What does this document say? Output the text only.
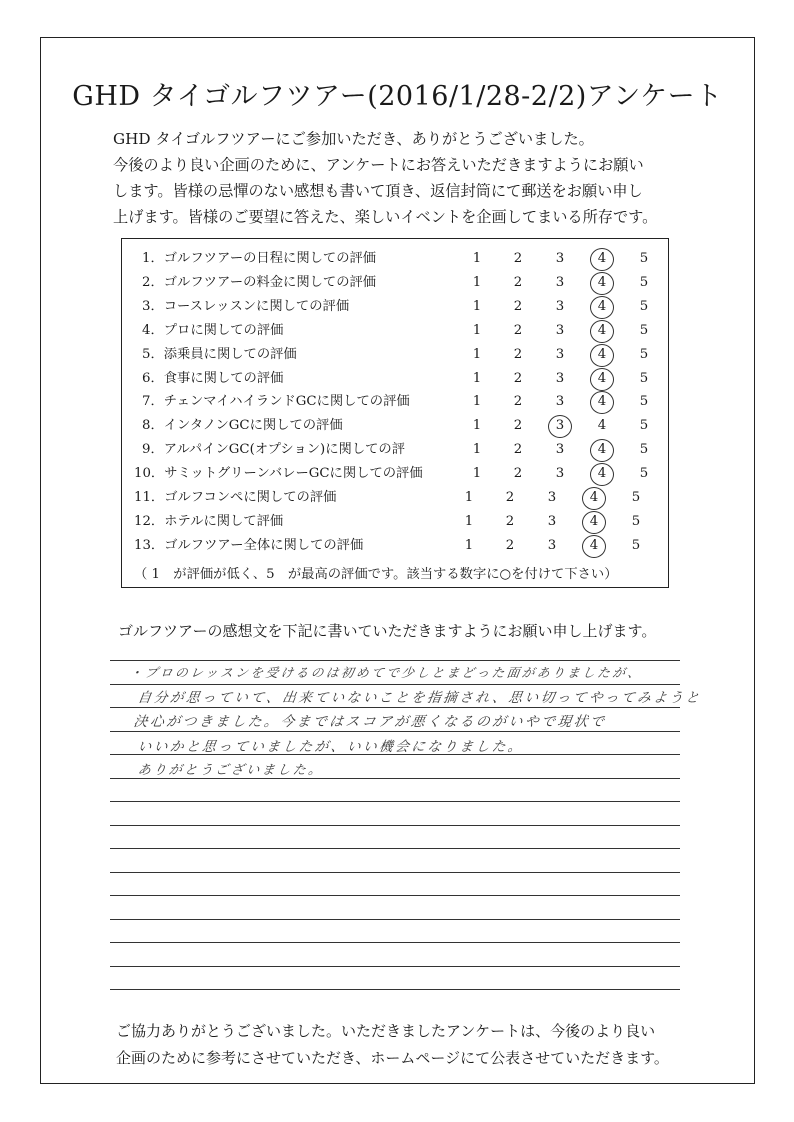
GHD タイゴルフツアー(2016/1/28-2/2)アンケート
GHD タイゴルフツアーにご参加いただき、ありがとうございました。
今後のより良い企画のために、アンケートにお答えいただきますようにお願い
します。皆様の忌憚のない感想も書いて頂き、返信封筒にて郵送をお願い申し
上げます。皆様のご要望に答えた、楽しいイベントを企画してまいる所存です。
1．ゴルフツアーの日程に関しての評価	1 2	3	4	5
2．ゴルフツアーの料金に関しての評価	1 2	3	4	5
3．コースレッスンに関しての評価	1 2	3	4	5
4．プロに関しての評価	1 2	3	4	5
5．添乗員に関しての評価	1 2	3	4	5
6．食事に関しての評価	1 2	3	4	5
7．チェンマイハイランドGCに関しての評価	1 2	3	4	5
8．インタノンGCに関しての評価	1 2	3	4	5
9．アルパインGC(オプション)に関しての評	1 2	3	4	5
10．サミットグリーンバレーGCに関しての評価	1 2	3	4	5
11．ゴルフコンペに関しての評価	1 2	3	4	5
12．ホテルに関して評価	1 2	3	4	5
13．ゴルフツアー全体に関しての評価	1 2	3	4	5
（ 1　が評価が低く、5　が最高の評価です。該当する数字に○を付けて下さい）
ゴルフツアーの感想文を下記に書いていただきますようにお願い申し上げます。
・プロのレッスンを受けるのは初めてで少しとまどった面がありましたが、
自分が思っていて、出来ていないことを指摘され、思い切ってやってみようと
決心がつきました。今まではスコアが悪くなるのがいやで現状で
いいかと思っていましたが、いい機会になりました。
ありがとうございました。
ご協力ありがとうございました。いただきましたアンケートは、今後のより良い
企画のために参考にさせていただき、ホームページにて公表させていただきます。
